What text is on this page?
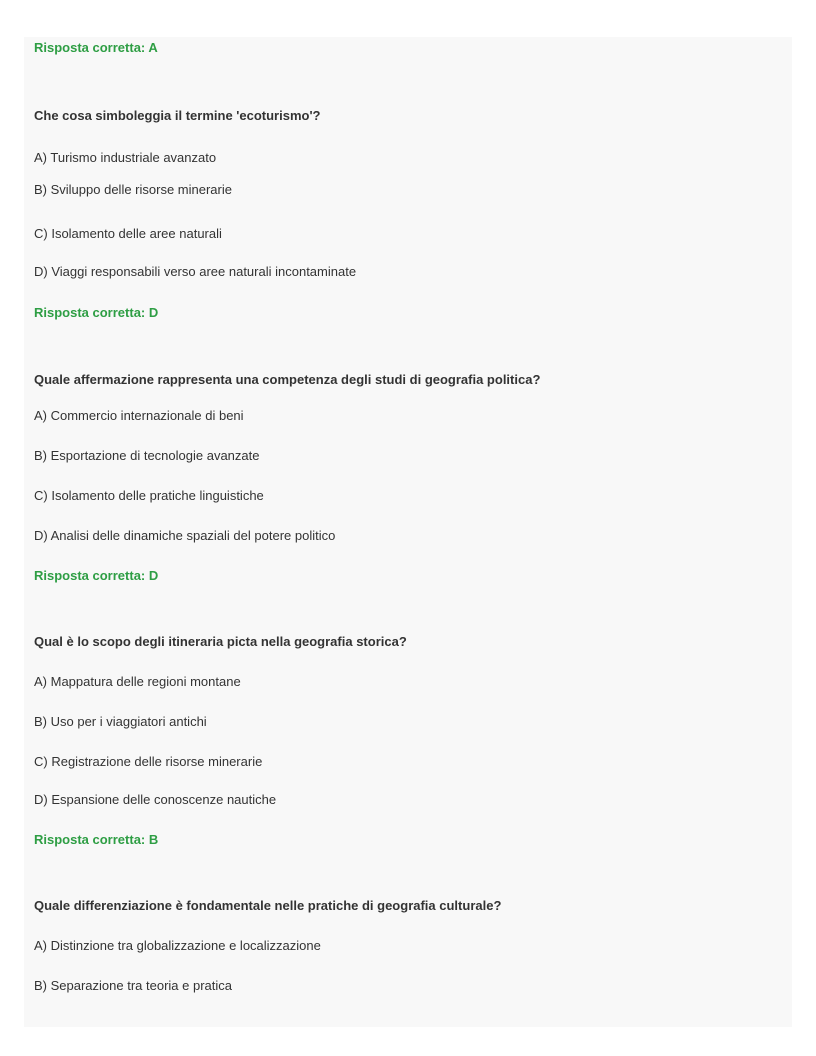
Risposta corretta: A
Che cosa simboleggia il termine 'ecoturismo'?
A) Turismo industriale avanzato
B) Sviluppo delle risorse minerarie
C) Isolamento delle aree naturali
D) Viaggi responsabili verso aree naturali incontaminate
Risposta corretta: D
Quale affermazione rappresenta una competenza degli studi di geografia politica?
A) Commercio internazionale di beni
B) Esportazione di tecnologie avanzate
C) Isolamento delle pratiche linguistiche
D) Analisi delle dinamiche spaziali del potere politico
Risposta corretta: D
Qual è lo scopo degli itineraria picta nella geografia storica?
A) Mappatura delle regioni montane
B) Uso per i viaggiatori antichi
C) Registrazione delle risorse minerarie
D) Espansione delle conoscenze nautiche
Risposta corretta: B
Quale differenziazione è fondamentale nelle pratiche di geografia culturale?
A) Distinzione tra globalizzazione e localizzazione
B) Separazione tra teoria e pratica
